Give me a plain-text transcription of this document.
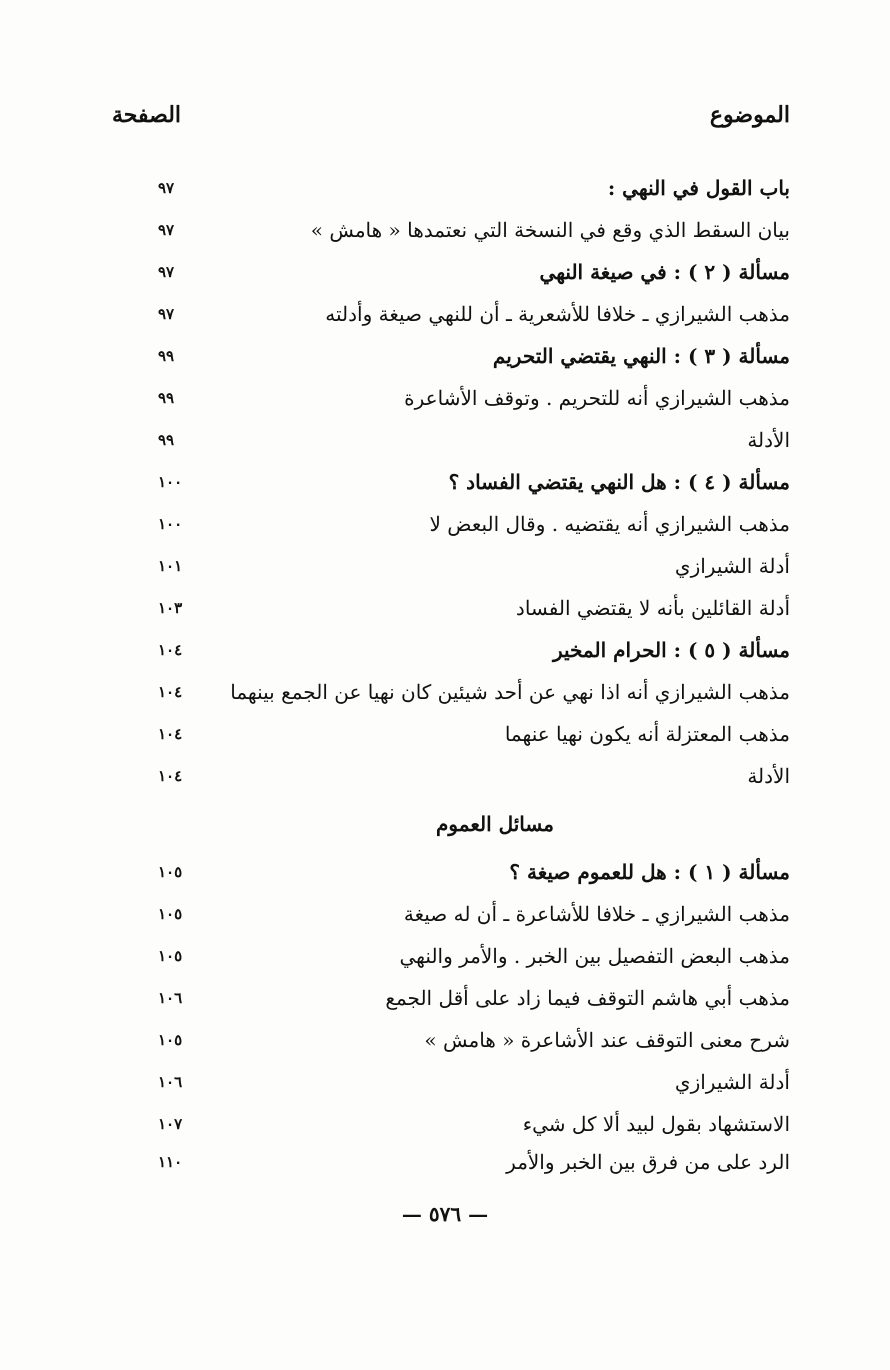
الموضوع
الصفحة
باب القول في النهي :
٩٧
بيان السقط الذي وقع في النسخة التي نعتمدها « هامش »
٩٧
مسألة ( ٢ ) : في صيغة النهي
٩٧
مذهب الشيرازي ـ خلافا للأشعرية ـ أن للنهي صيغة وأدلته
٩٧
مسألة ( ٣ ) : النهي يقتضي التحريم
٩٩
مذهب الشيرازي أنه للتحريم . وتوقف الأشاعرة
٩٩
الأدلة
٩٩
مسألة ( ٤ ) : هل النهي يقتضي الفساد ؟
١٠٠
مذهب الشيرازي أنه يقتضيه . وقال البعض لا
١٠٠
أدلة الشيرازي
١٠١
أدلة القائلين بأنه لا يقتضي الفساد
١٠٣
مسألة ( ٥ ) : الحرام المخير
١٠٤
مذهب الشيرازي أنه اذا نهي عن أحد شيئين كان نهيا عن الجمع بينهما
١٠٤
مذهب المعتزلة أنه يكون نهيا عنهما
١٠٤
الأدلة
١٠٤
مسائل العموم
مسألة ( ١ ) : هل للعموم صيغة ؟
١٠٥
مذهب الشيرازي ـ خلافا للأشاعرة ـ أن له صيغة
١٠٥
مذهب البعض التفصيل بين الخبر . والأمر والنهي
١٠٥
مذهب أبي هاشم التوقف فيما زاد على أقل الجمع
١٠٦
شرح معنى التوقف عند الأشاعرة « هامش »
١٠٥
أدلة الشيرازي
١٠٦
الاستشهاد بقول لبيد ألا كل شيء
١٠٧
الرد على من فرق بين الخبر والأمر
١١٠
— ٥٧٦ —
